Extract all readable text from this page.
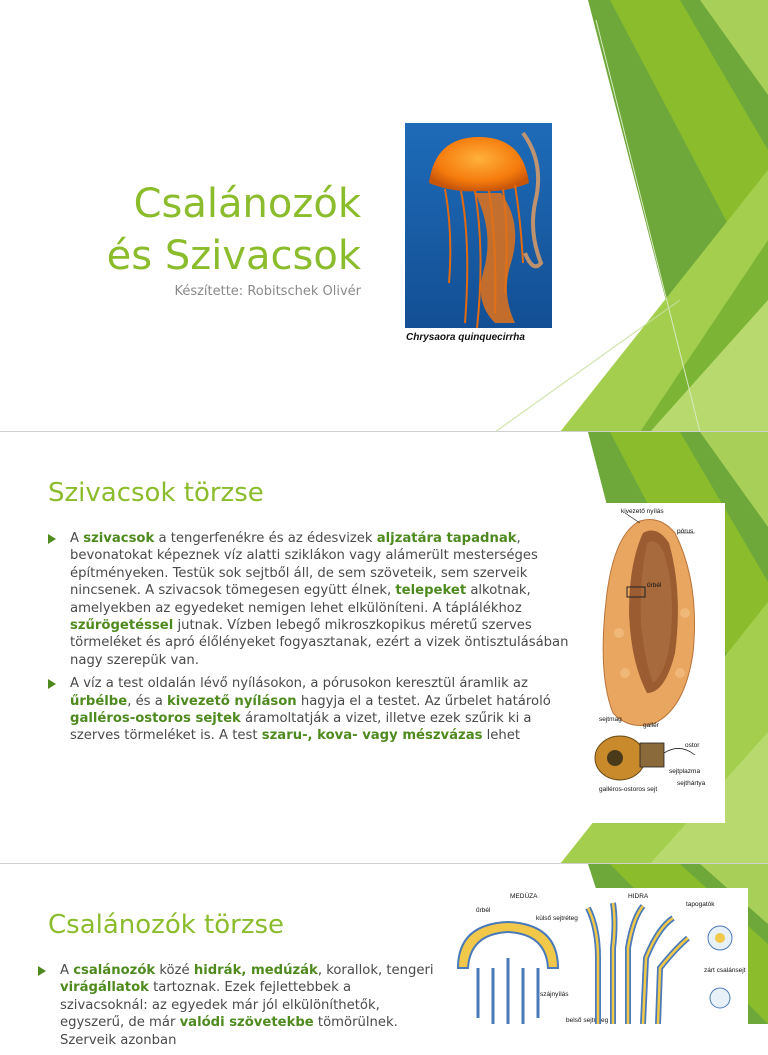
Csalánozók
és Szivacsok
Készítette: Robitschek Olivér
Chrysaora quinquecirrha
Szivacsok törzse
A szivacsok a tengerfenékre és az édesvizek aljzatára tapadnak, bevonatokat képeznek víz alatti sziklákon vagy alámerült mesterséges építményeken. Testük sok sejtből áll, de sem szöveteik, sem szerveik nincsenek. A szivacsok tömegesen együtt élnek, telepeket alkotnak, amelyekben az egyedeket nemigen lehet elkülöníteni. A táplálékhoz szűrögetéssel jutnak. Vízben lebegő mikroszkopikus méretű szerves törmeléket és apró élőlényeket fogyasztanak, ezért a vizek öntisztulásában nagy szerepük van.
A víz a test oldalán lévő nyílásokon, a pórusokon keresztül áramlik az űrbélbe, és a kivezető nyíláson hagyja el a testet. Az űrbelet határoló galléros-ostoros sejtek áramoltatják a vizet, illetve ezek szűrik ki a szerves törmeléket is. A test szaru-, kova- vagy mészvázas lehet
kivezető nyílás
pórus
űrbél
sejtmag
gallér
ostor
sejtplazma
sejthártya
galléros-ostoros sejt
Csalánozók törzse
A csalánozók közé hidrák, medúzák, korallok, tengeri virágállatok tartoznak. Ezek fejlettebbek a szivacsoknál: az egyedek már jól elkülöníthetők, egyszerű, de már valódi szövetekbe tömörülnek. Szerveik azonban
MEDÚZA	HIDRA
űrbél
külső sejtréteg
tapogatók
zárt csalánsejt
szájnyílás
belső sejtréteg
